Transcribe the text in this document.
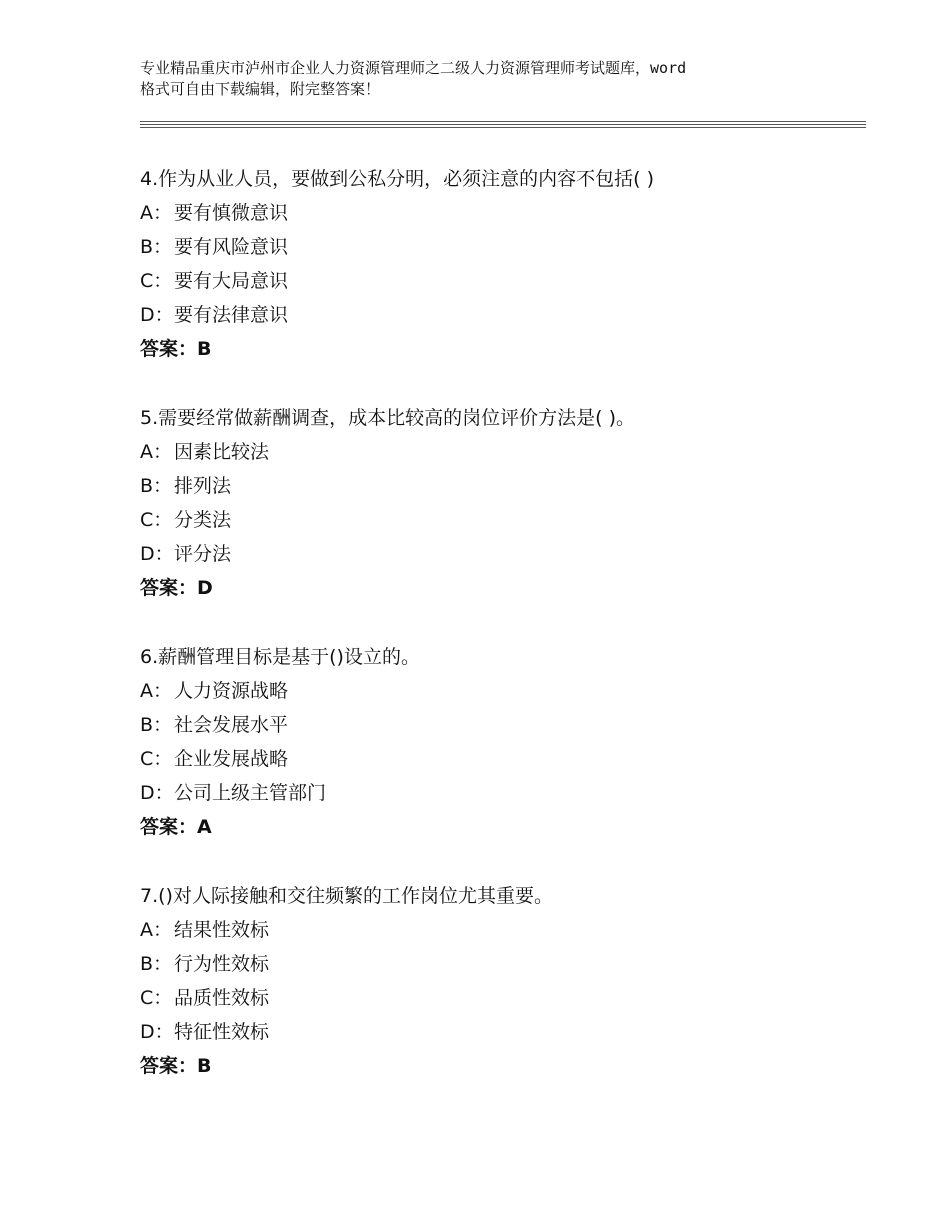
专业精品重庆市泸州市企业人力资源管理师之二级人力资源管理师考试题库，word
格式可自由下载编辑，附完整答案！
4.作为从业人员，要做到公私分明，必须注意的内容不包括( )
A： 要有慎微意识
B： 要有风险意识
C：要有大局意识
D：要有法律意识
答案：B
5.需要经常做薪酬调查，成本比较高的岗位评价方法是( )。
A： 因素比较法
B： 排列法
C：分类法
D：评分法
答案：D
6.薪酬管理目标是基于()设立的。
A： 人力资源战略
B： 社会发展水平
C：企业发展战略
D：公司上级主管部门
答案：A
7.()对人际接触和交往频繁的工作岗位尤其重要。
A： 结果性效标
B： 行为性效标
C：品质性效标
D：特征性效标
答案：B
